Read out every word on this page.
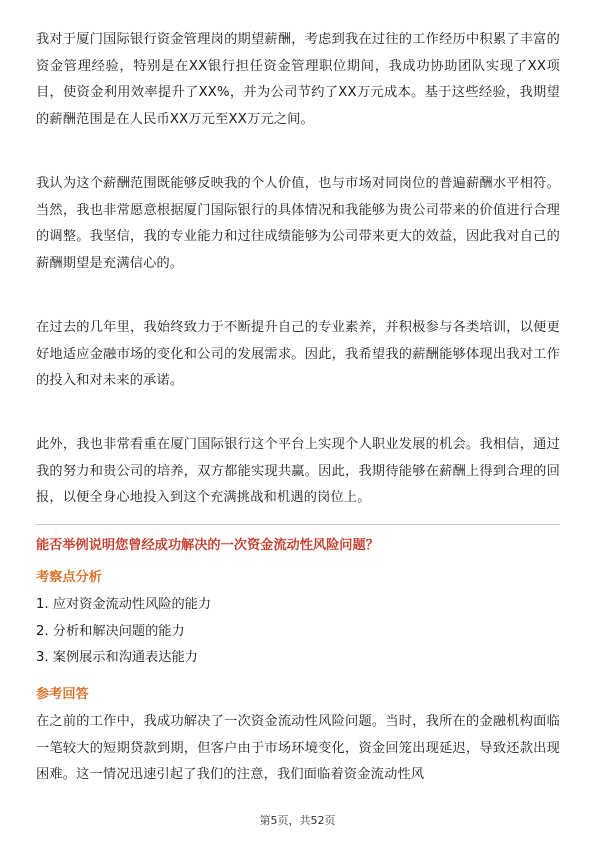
我对于厦门国际银行资金管理岗的期望薪酬，考虑到我在过往的工作经历中积累了丰富的资金管理经验，特别是在XX银行担任资金管理职位期间，我成功协助团队实现了XX项目，使资金利用效率提升了XX%，并为公司节约了XX万元成本。基于这些经验，我期望的薪酬范围是在人民币XX万元至XX万元之间。

我认为这个薪酬范围既能够反映我的个人价值，也与市场对同岗位的普遍薪酬水平相符。当然，我也非常愿意根据厦门国际银行的具体情况和我能够为贵公司带来的价值进行合理的调整。我坚信，我的专业能力和过往成绩能够为公司带来更大的效益，因此我对自己的薪酬期望是充满信心的。

在过去的几年里，我始终致力于不断提升自己的专业素养，并积极参与各类培训，以便更好地适应金融市场的变化和公司的发展需求。因此，我希望我的薪酬能够体现出我对工作的投入和对未来的承诺。

此外，我也非常看重在厦门国际银行这个平台上实现个人职业发展的机会。我相信，通过我的努力和贵公司的培养，双方都能实现共赢。因此，我期待能够在薪酬上得到合理的回报，以便全身心地投入到这个充满挑战和机遇的岗位上。

能否举例说明您曾经成功解决的一次资金流动性风险问题？

考察点分析

1. 应对资金流动性风险的能力
2. 分析和解决问题的能力
3. 案例展示和沟通表达能力

参考回答

在之前的工作中，我成功解决了一次资金流动性风险问题。当时，我所在的金融机构面临一笔较大的短期贷款到期，但客户由于市场环境变化，资金回笼出现延迟，导致还款出现困难。这一情况迅速引起了我们的注意，我们面临着资金流动性风

第5页，共52页
